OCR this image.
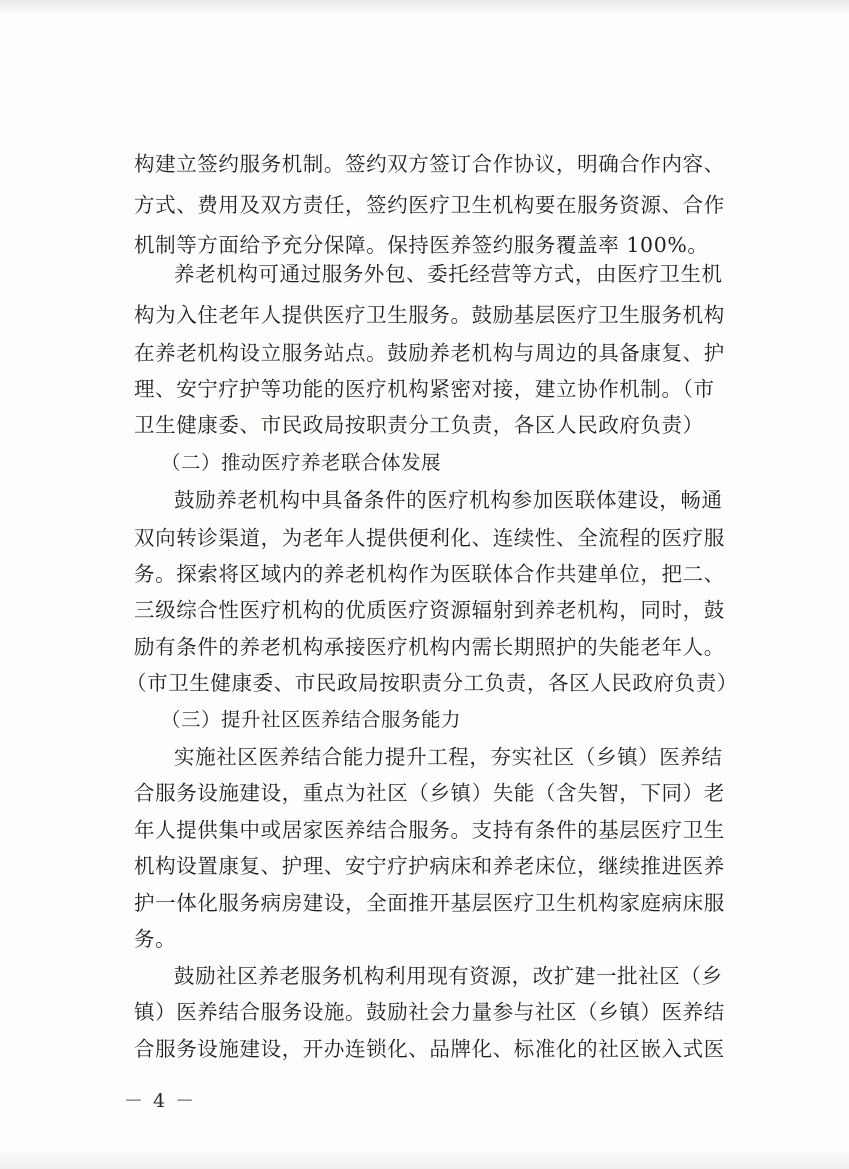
构建立签约服务机制。签约双方签订合作协议，明确合作内容、
方式、费用及双方责任，签约医疗卫生机构要在服务资源、合作
机制等方面给予充分保障。保持医养签约服务覆盖率 100%。
养老机构可通过服务外包、委托经营等方式，由医疗卫生机
构为入住老年人提供医疗卫生服务。鼓励基层医疗卫生服务机构
在养老机构设立服务站点。鼓励养老机构与周边的具备康复、护
理、安宁疗护等功能的医疗机构紧密对接，建立协作机制。（市
卫生健康委、市民政局按职责分工负责，各区人民政府负责）
（二）推动医疗养老联合体发展
鼓励养老机构中具备条件的医疗机构参加医联体建设，畅通
双向转诊渠道，为老年人提供便利化、连续性、全流程的医疗服
务。探索将区域内的养老机构作为医联体合作共建单位，把二、
三级综合性医疗机构的优质医疗资源辐射到养老机构，同时，鼓
励有条件的养老机构承接医疗机构内需长期照护的失能老年人。
（市卫生健康委、市民政局按职责分工负责，各区人民政府负责）
（三）提升社区医养结合服务能力
实施社区医养结合能力提升工程，夯实社区（乡镇）医养结
合服务设施建设，重点为社区（乡镇）失能（含失智，下同）老
年人提供集中或居家医养结合服务。支持有条件的基层医疗卫生
机构设置康复、护理、安宁疗护病床和养老床位，继续推进医养
护一体化服务病房建设，全面推开基层医疗卫生机构家庭病床服
务。
鼓励社区养老服务机构利用现有资源，改扩建一批社区（乡
镇）医养结合服务设施。鼓励社会力量参与社区（乡镇）医养结
合服务设施建设，开办连锁化、品牌化、标准化的社区嵌入式医
－ 4 －
